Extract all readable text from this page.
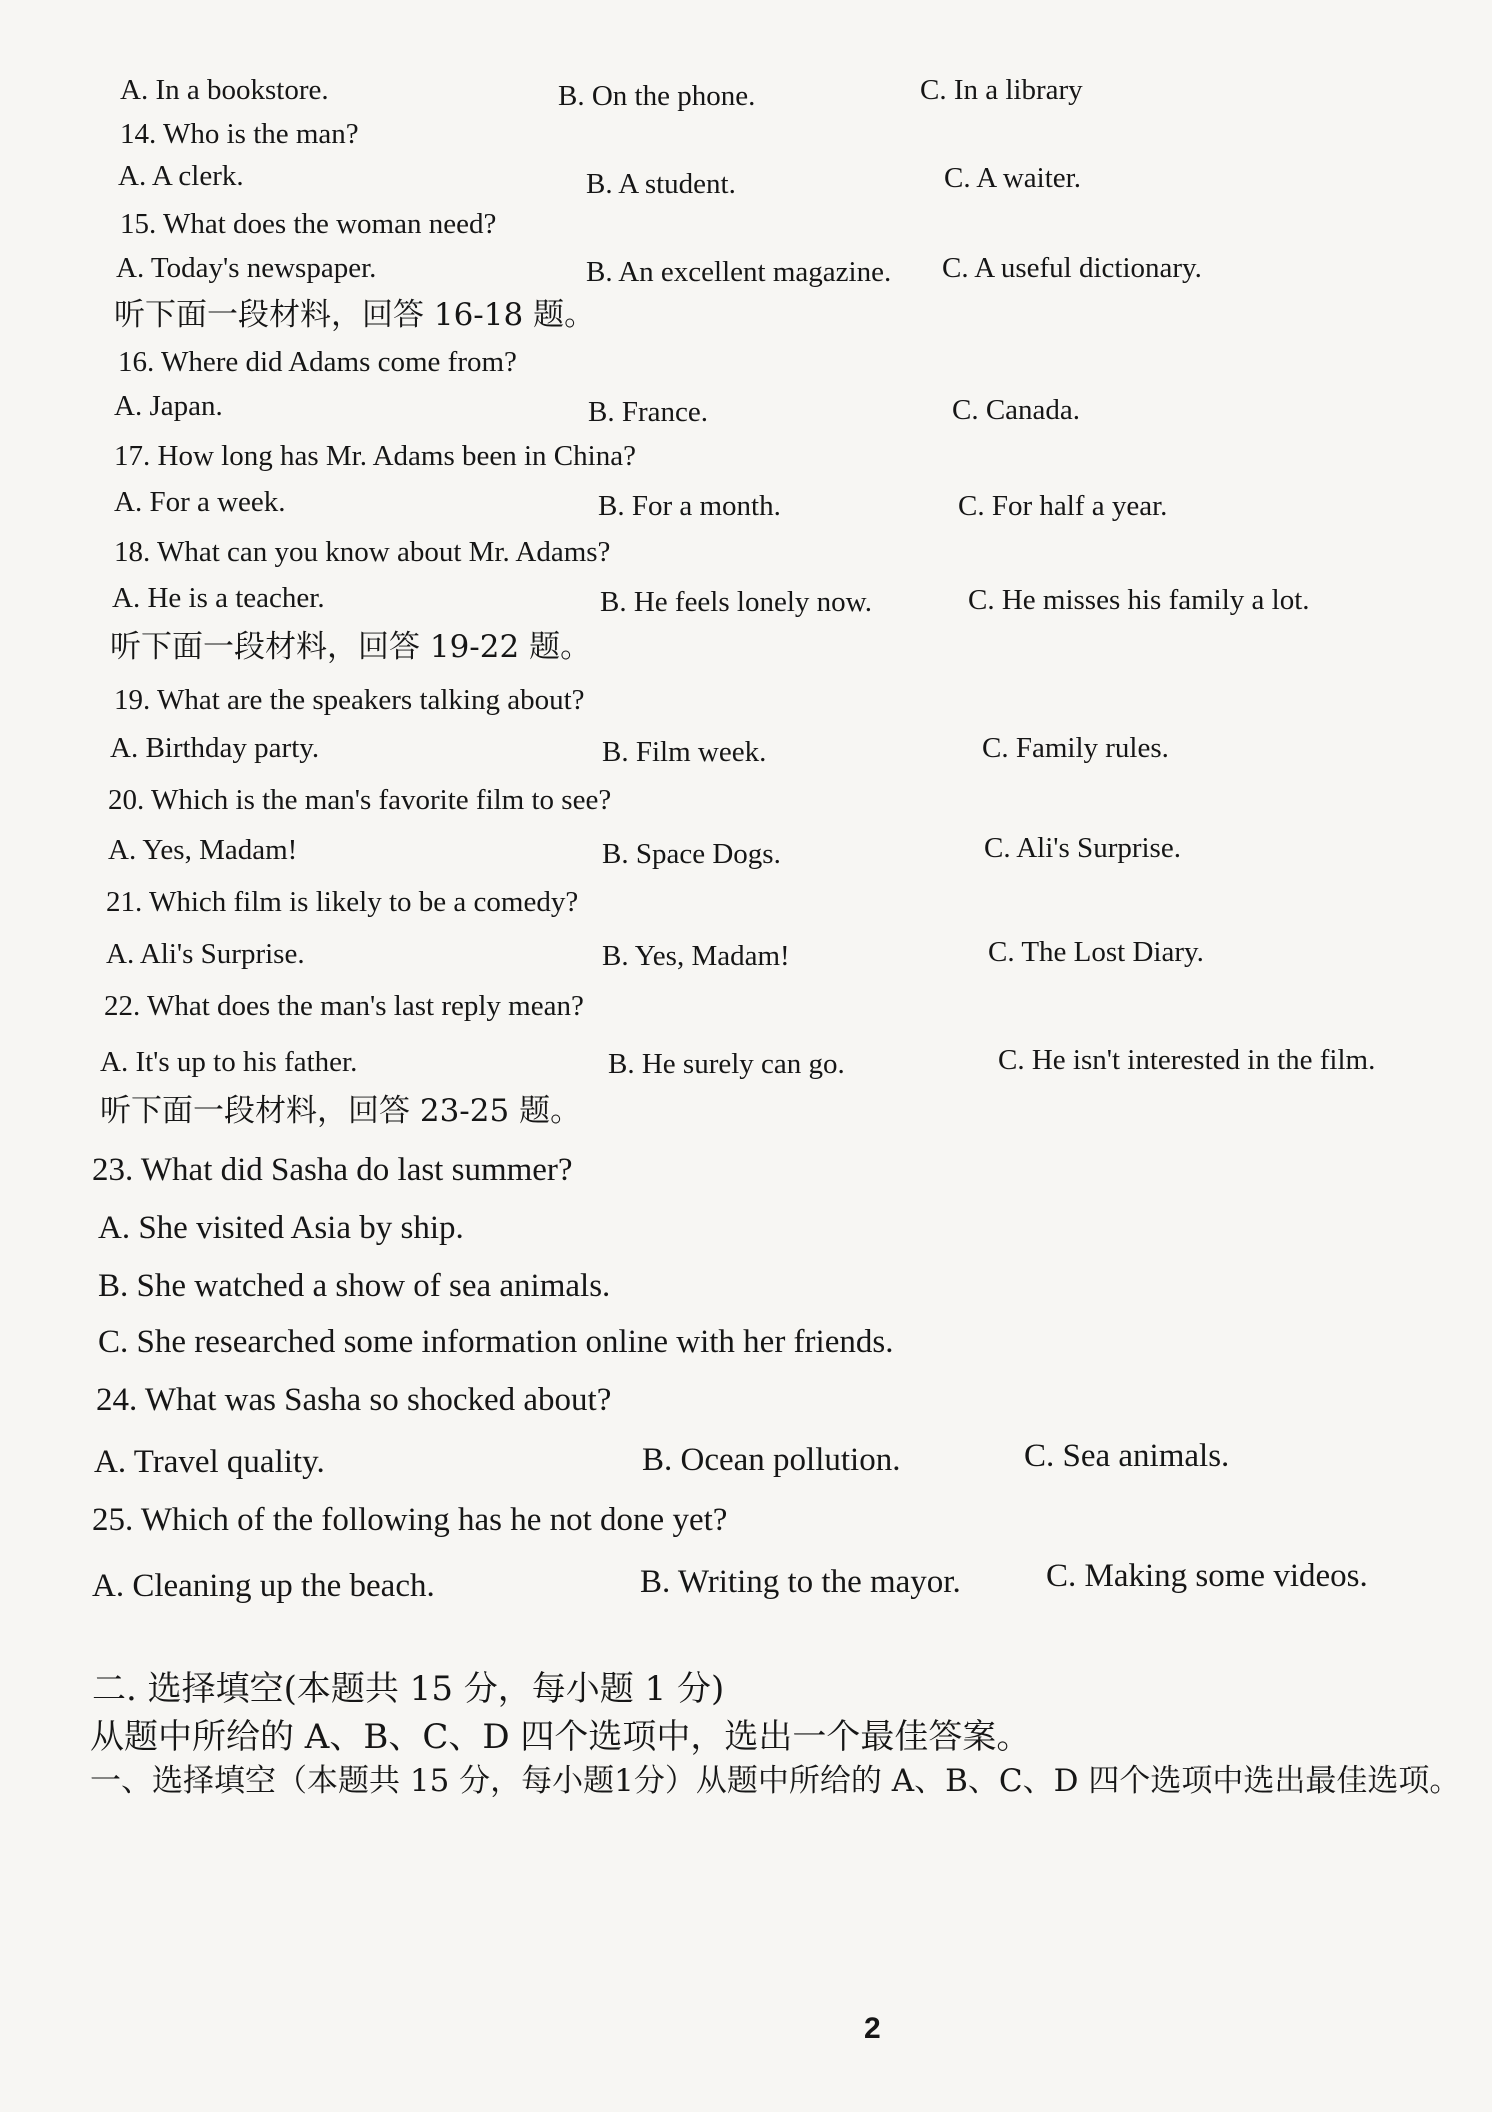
A. In a bookstore.	B. On the phone.	C. In a library
14. Who is the man?
A. A clerk.	B. A student.	C. A waiter.
15. What does the woman need?
A. Today's newspaper.	B. An excellent magazine. C. A useful dictionary.
听下面一段材料，回答 16-18 题。
16. Where did Adams come from?
A. Japan.	B. France.	C. Canada.
17. How long has Mr. Adams been in China?
A. For a week.	B. For a month.	C. For half a year.
18. What can you know about Mr. Adams?
A. He is a teacher.	B. He feels lonely now.	C. He misses his family a lot.
听下面一段材料，回答 19-22 题。
19. What are the speakers talking about?
A. Birthday party.	B. Film week.	C. Family rules.
20. Which is the man's favorite film to see?
A. Yes, Madam!	B. Space Dogs.	C. Ali's Surprise.
21. Which film is likely to be a comedy?
A. Ali's Surprise.	B. Yes, Madam!	C. The Lost Diary.
22. What does the man's last reply mean?
A. It's up to his father.	B. He surely can go.	C. He isn't interested in the film.
听下面一段材料，回答 23-25 题。
23. What did Sasha do last summer?
A. She visited Asia by ship.
B. She watched a show of sea animals.
C. She researched some information online with her friends.
24. What was Sasha so shocked about?
A. Travel quality.	B. Ocean pollution.	C. Sea animals.
25. Which of the following has he not done yet?
A. Cleaning up the beach.	B. Writing to the mayor.	C. Making some videos.
二. 选择填空(本题共 15 分，每小题 1 分)
从题中所给的 A、B、C、D 四个选项中，选出一个最佳答案。
一、选择填空（本题共 15 分，每小题1分）从题中所给的 A、B、C、D 四个选项中选出最佳选项。
2
